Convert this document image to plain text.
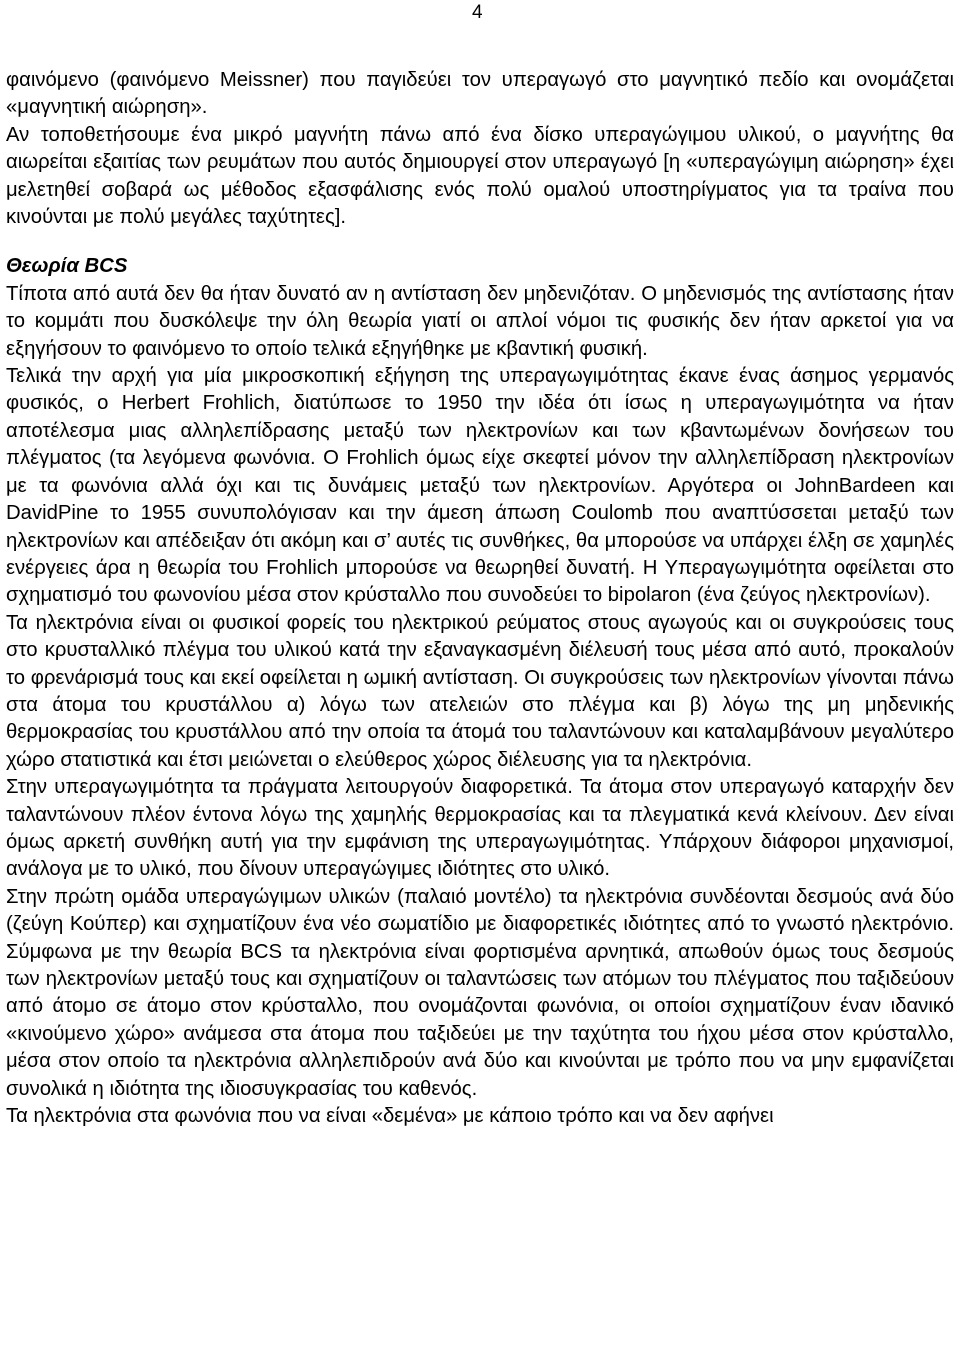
4

φαινόμενο (φαινόμενο Meissner) που παγιδεύει τον υπεραγωγό στο μαγνητικό πεδίο και ονομάζεται «μαγνητική αιώρηση».

Αν τοποθετήσουμε ένα μικρό μαγνήτη πάνω από ένα δίσκο υπεραγώγιμου υλικού, ο μαγνήτης θα αιωρείται εξαιτίας των ρευμάτων που αυτός δημιουργεί στον υπεραγωγό [η «υπεραγώγιμη αιώρηση» έχει μελετηθεί σοβαρά ως μέθοδος εξασφάλισης ενός πολύ ομαλού υποστηρίγματος για τα τραίνα που κινούνται με πολύ μεγάλες ταχύτητες].

Θεωρία BCS

Τίποτα από αυτά δεν θα ήταν δυνατό αν η αντίσταση δεν μηδενιζόταν. Ο μηδενισμός της αντίστασης ήταν το κομμάτι που δυσκόλεψε την όλη θεωρία γιατί οι απλοί νόμοι τις φυσικής δεν ήταν αρκετοί για να εξηγήσουν το φαινόμενο το οποίο τελικά εξηγήθηκε με κβαντική φυσική.

Τελικά την αρχή για μία μικροσκοπική εξήγηση της υπεραγωγιμότητας έκανε ένας άσημος γερμανός φυσικός, ο Herbert Frohlich, διατύπωσε το 1950 την ιδέα ότι ίσως η υπεραγωγιμότητα να ήταν αποτέλεσμα μιας αλληλεπίδρασης μεταξύ των ηλεκτρονίων και των κβαντωμένων δονήσεων του πλέγματος (τα λεγόμενα φωνόνια. Ο Frohlich όμως είχε σκεφτεί μόνον την αλληλεπίδραση ηλεκτρονίων με τα φωνόνια αλλά όχι και τις δυνάμεις μεταξύ των ηλεκτρονίων. Αργότερα οι JohnBardeen και DavidPine το 1955 συνυπολόγισαν και την άμεση άπωση Coulomb που αναπτύσσεται μεταξύ των ηλεκτρονίων και απέδειξαν ότι ακόμη και σ’ αυτές τις συνθήκες, θα μπορούσε να υπάρχει έλξη σε χαμηλές ενέργειες άρα η θεωρία του Frohlich μπορούσε να θεωρηθεί δυνατή. Η Υπεραγωγιμότητα οφείλεται στο σχηματισμό του φωνονίου μέσα στον κρύσταλλο που συνοδεύει το bipolaron (ένα ζεύγος ηλεκτρονίων).

Τα ηλεκτρόνια είναι οι φυσικοί φορείς του ηλεκτρικού ρεύματος στους αγωγούς και οι συγκρούσεις τους στο κρυσταλλικό πλέγμα του υλικού κατά την εξαναγκασμένη διέλευσή τους μέσα από αυτό, προκαλούν το φρενάρισμά τους και εκεί οφείλεται η ωμική αντίσταση. Οι συγκρούσεις των ηλεκτρονίων γίνονται πάνω στα άτομα του κρυστάλλου α) λόγω των ατελειών στο πλέγμα και β) λόγω της μη μηδενικής θερμοκρασίας του κρυστάλλου από την οποία τα άτομά του ταλαντώνουν και καταλαμβάνουν μεγαλύτερο χώρο στατιστικά και έτσι μειώνεται ο ελεύθερος χώρος διέλευσης για τα ηλεκτρόνια.

Στην υπεραγωγιμότητα τα πράγματα λειτουργούν διαφορετικά. Τα άτομα στον υπεραγωγό καταρχήν δεν ταλαντώνουν πλέον έντονα λόγω της χαμηλής θερμοκρασίας και τα πλεγματικά κενά κλείνουν. Δεν είναι όμως αρκετή συνθήκη αυτή για την εμφάνιση της υπεραγωγιμότητας. Υπάρχουν διάφοροι μηχανισμοί, ανάλογα με το υλικό, που δίνουν υπεραγώγιμες ιδιότητες στο υλικό.

Στην πρώτη ομάδα υπεραγώγιμων υλικών (παλαιό μοντέλο) τα ηλεκτρόνια συνδέονται δεσμούς ανά δύο (ζεύγη Κούπερ) και σχηματίζουν ένα νέο σωματίδιο με διαφορετικές ιδιότητες από το γνωστό ηλεκτρόνιο. Σύμφωνα με την θεωρία BCS τα ηλεκτρόνια είναι φορτισμένα αρνητικά, απωθούν όμως τους δεσμούς των ηλεκτρονίων μεταξύ τους και σχηματίζουν οι ταλαντώσεις των ατόμων του πλέγματος που ταξιδεύουν από άτομο σε άτομο στον κρύσταλλο, που ονομάζονται φωνόνια, οι οποίοι σχηματίζουν έναν ιδανικό «κινούμενο χώρο» ανάμεσα στα άτομα που ταξιδεύει με την ταχύτητα του ήχου μέσα στον κρύσταλλο, μέσα στον οποίο τα ηλεκτρόνια αλληλεπιδρούν ανά δύο και κινούνται με τρόπο που να μην εμφανίζεται συνολικά η ιδιότητα της ιδιοσυγκρασίας του καθενός.

Τα ηλεκτρόνια στα φωνόνια που να είναι «δεμένα» με κάποιο τρόπο και να δεν αφήνει
